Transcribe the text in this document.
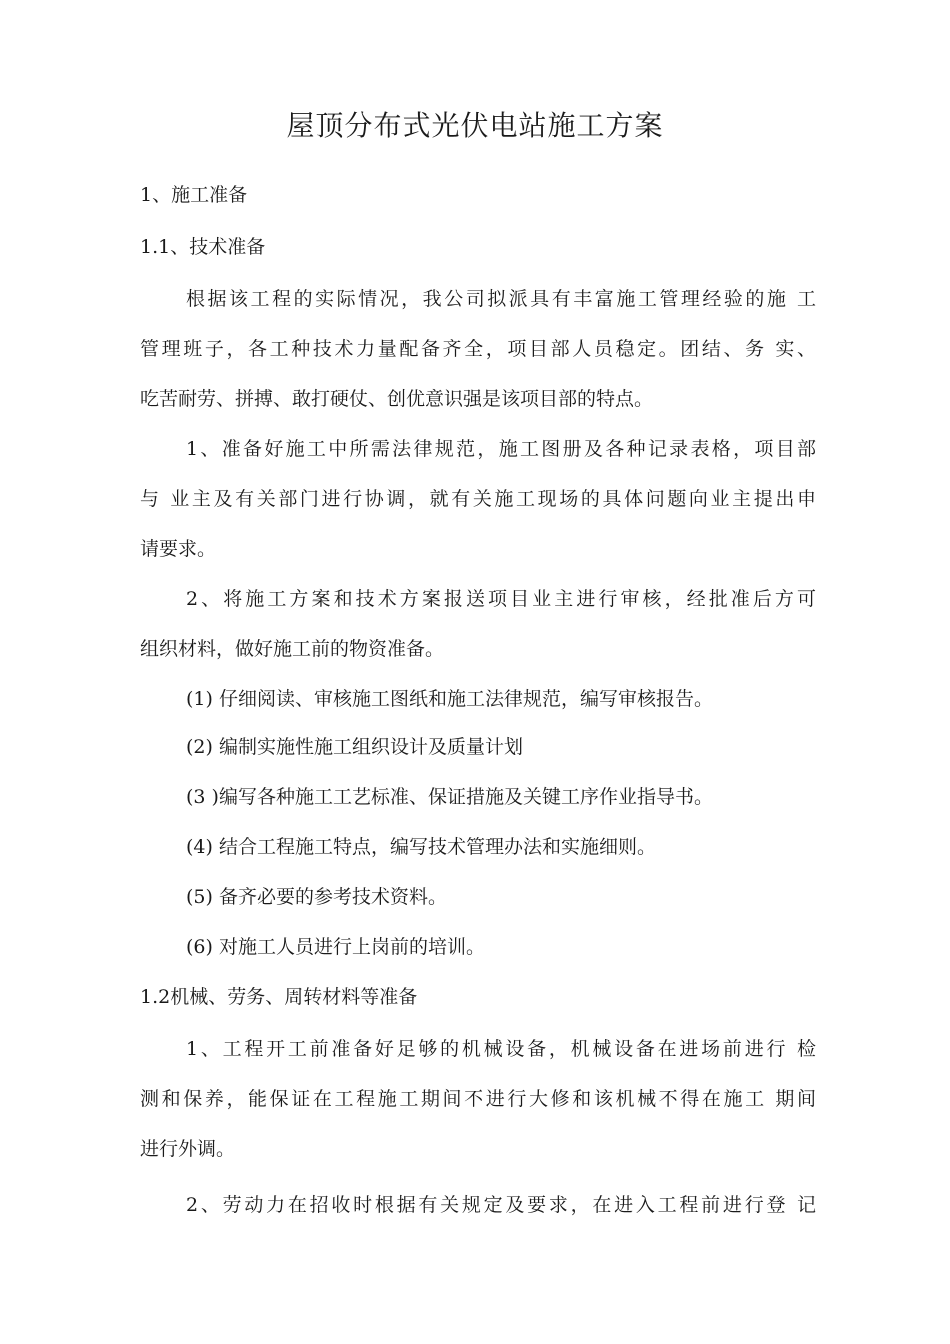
屋顶分布式光伏电站施工方案
1、施工准备
1.1、技术准备
根据该工程的实际情况，我公司拟派具有丰富施工管理经验的施 工
管理班子，各工种技术力量配备齐全，项目部人员稳定。团结、务 实、
吃苦耐劳、拼搏、敢打硬仗、创优意识强是该项目部的特点。
1、准备好施工中所需法律规范，施工图册及各种记录表格，项目部
与 业主及有关部门进行协调，就有关施工现场的具体问题向业主提出申
请要求。
2、将施工方案和技术方案报送项目业主进行审核，经批准后方可
组织材料，做好施工前的物资准备。
(1) 仔细阅读、审核施工图纸和施工法律规范，编写审核报告。
(2) 编制实施性施工组织设计及质量计划
(3 )编写各种施工工艺标准、保证措施及关键工序作业指导书。
(4) 结合工程施工特点，编写技术管理办法和实施细则。
(5) 备齐必要的参考技术资料。
(6) 对施工人员进行上岗前的培训。
1.2机械、劳务、周转材料等准备
1、工程开工前准备好足够的机械设备，机械设备在进场前进行 检
测和保养，能保证在工程施工期间不进行大修和该机械不得在施工 期间
进行外调。
2、劳动力在招收时根据有关规定及要求，在进入工程前进行登 记
